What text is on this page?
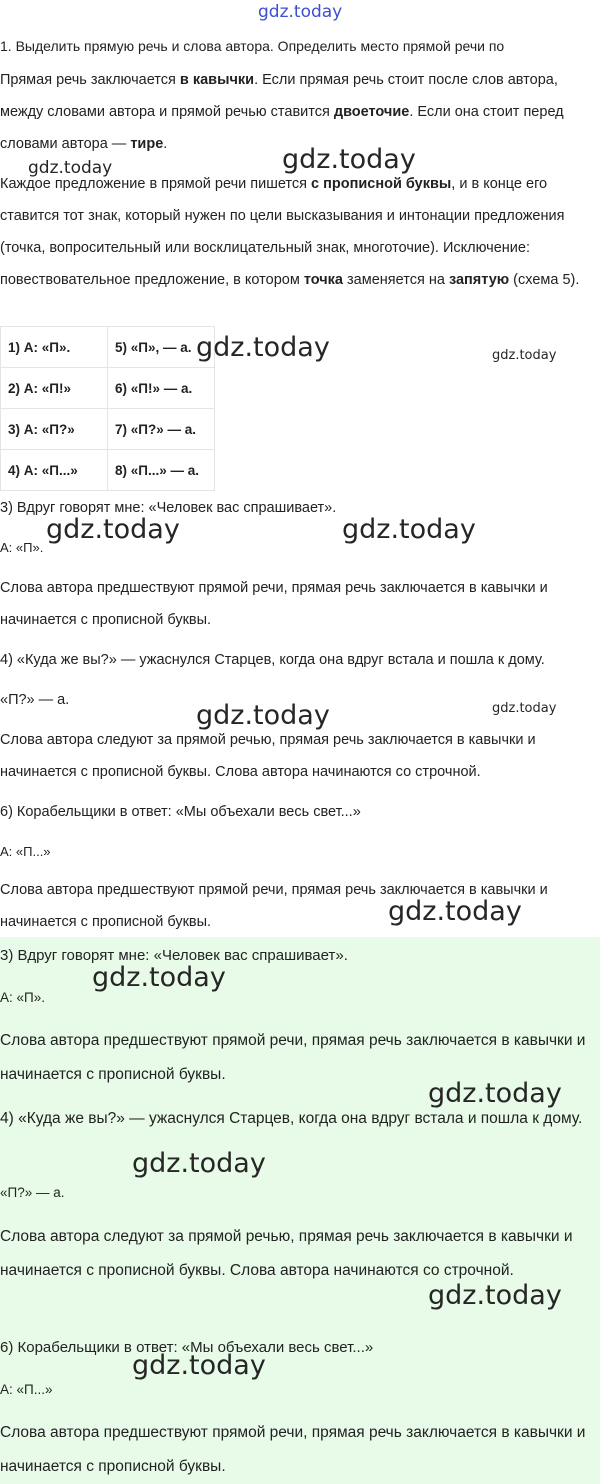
gdz.today

1. Выделить прямую речь и слова автора. Определить место прямой речи по

Прямая речь заключается в кавычки. Если прямая речь стоит после слов автора, между словами автора и прямой речью ставится двоеточие. Если она стоит перед словами автора — тире.

Каждое предложение в прямой речи пишется с прописной буквы, и в конце его ставится тот знак, который нужен по цели высказывания и интонации предложения (точка, вопросительный или восклицательный знак, многоточие). Исключение: повествовательное предложение, в котором точка заменяется на запятую (схема 5).

1) А: «П».	5) «П», — а.
2) А: «П!»	6) «П!» — а.
3) А: «П?»	7) «П?» — а.
4) А: «П...»	8) «П...» — а.

3) Вдруг говорят мне: «Человек вас спрашивает».

А: «П».

Слова автора предшествуют прямой речи, прямая речь заключается в кавычки и начинается с прописной буквы.

4) «Куда же вы?» — ужаснулся Старцев, когда она вдруг встала и пошла к дому.

«П?» — а.

Слова автора следуют за прямой речью, прямая речь заключается в кавычки и начинается с прописной буквы. Слова автора начинаются со строчной.

6) Корабельщики в ответ: «Мы объехали весь свет...»

А: «П...»

Слова автора предшествуют прямой речи, прямая речь заключается в кавычки и начинается с прописной буквы.

3) Вдруг говорят мне: «Человек вас спрашивает».

А: «П».

Слова автора предшествуют прямой речи, прямая речь заключается в кавычки и начинается с прописной буквы.

4) «Куда же вы?» — ужаснулся Старцев, когда она вдруг встала и пошла к дому.

«П?» — а.

Слова автора следуют за прямой речью, прямая речь заключается в кавычки и начинается с прописной буквы. Слова автора начинаются со строчной.

6) Корабельщики в ответ: «Мы объехали весь свет...»

А: «П...»

Слова автора предшествуют прямой речи, прямая речь заключается в кавычки и начинается с прописной буквы.

gdz.today	gdz.today
gdz.today	gdz.today
gdz.today	gdz.today
gdz.today	gdz.today
gdz.today
gdz.today
gdz.today
gdz.today
gdz.today
gdz.today
